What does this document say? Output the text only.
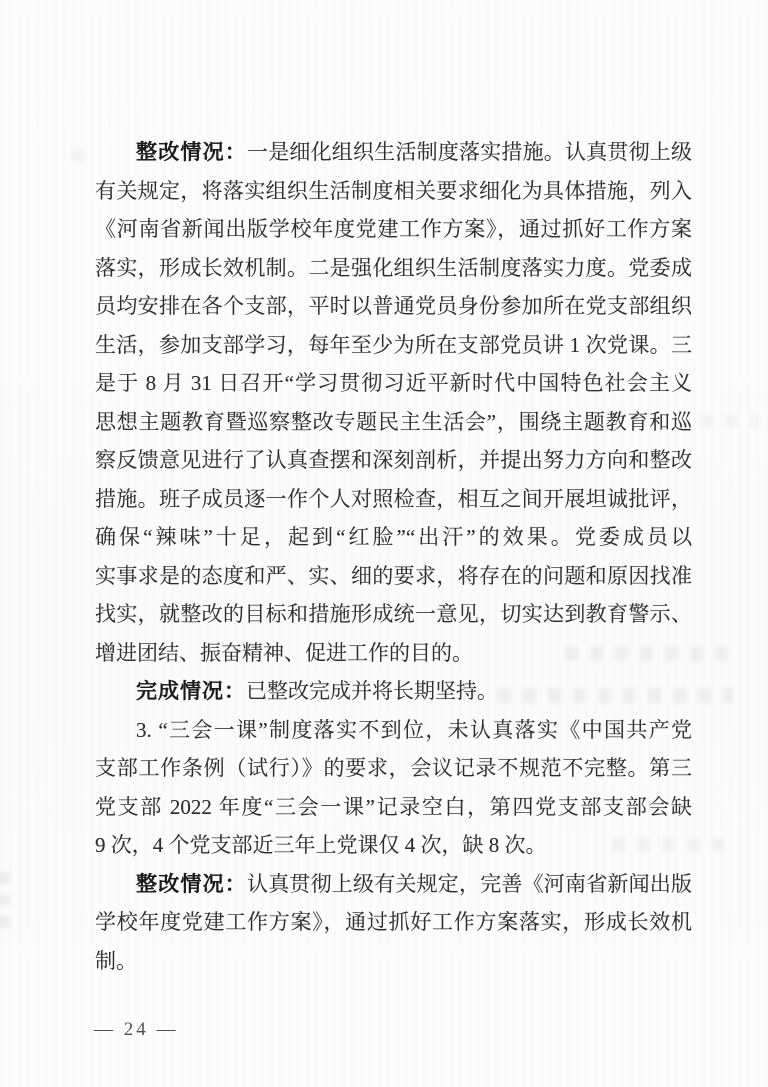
整改情况：一是细化组织生活制度落实措施。认真贯彻上级
有关规定，将落实组织生活制度相关要求细化为具体措施，列入
《河南省新闻出版学校年度党建工作方案》，通过抓好工作方案
落实，形成长效机制。二是强化组织生活制度落实力度。党委成
员均安排在各个支部，平时以普通党员身份参加所在党支部组织
生活，参加支部学习，每年至少为所在支部党员讲 1 次党课。三
是于 8 月 31 日召开“学习贯彻习近平新时代中国特色社会主义
思想主题教育暨巡察整改专题民主生活会”，围绕主题教育和巡
察反馈意见进行了认真查摆和深刻剖析，并提出努力方向和整改
措施。班子成员逐一作个人对照检查，相互之间开展坦诚批评，
确保“辣味”十足，起到“红脸”“出汗”的效果。党委成员以
实事求是的态度和严、实、细的要求，将存在的问题和原因找准
找实，就整改的目标和措施形成统一意见，切实达到教育警示、
增进团结、振奋精神、促进工作的目的。
完成情况：已整改完成并将长期坚持。
3. “三会一课”制度落实不到位，未认真落实《中国共产党
支部工作条例（试行）》的要求，会议记录不规范不完整。第三
党支部 2022 年度“三会一课”记录空白，第四党支部支部会缺
9 次，4 个党支部近三年上党课仅 4 次，缺 8 次。
整改情况：认真贯彻上级有关规定，完善《河南省新闻出版
学校年度党建工作方案》，通过抓好工作方案落实，形成长效机
制。
— 24 —
